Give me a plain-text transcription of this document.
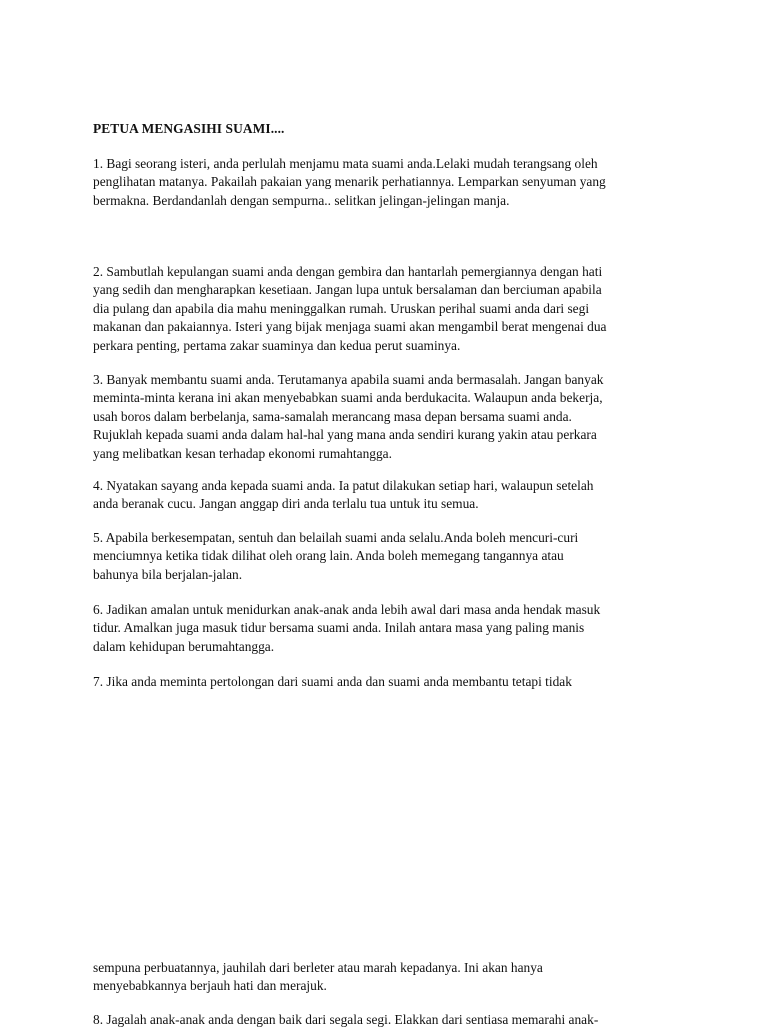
PETUA MENGASIHI SUAMI....

1. Bagi seorang isteri, anda perlulah menjamu mata suami anda.Lelaki mudah terangsang oleh
penglihatan matanya. Pakailah pakaian yang menarik perhatiannya. Lemparkan senyuman yang
bermakna. Berdandanlah dengan sempurna.. selitkan jelingan-jelingan manja.

2. Sambutlah kepulangan suami anda dengan gembira dan hantarlah pemergiannya dengan hati
yang sedih dan mengharapkan kesetiaan. Jangan lupa untuk bersalaman dan berciuman apabila
dia pulang dan apabila dia mahu meninggalkan rumah. Uruskan perihal suami anda dari segi
makanan dan pakaiannya. Isteri yang bijak menjaga suami akan mengambil berat mengenai dua
perkara penting, pertama zakar suaminya dan kedua perut suaminya.

3. Banyak membantu suami anda. Terutamanya apabila suami anda bermasalah. Jangan banyak
meminta-minta kerana ini akan menyebabkan suami anda berdukacita. Walaupun anda bekerja,
usah boros dalam berbelanja, sama-samalah merancang masa depan bersama suami anda.
Rujuklah kepada suami anda dalam hal-hal yang mana anda sendiri kurang yakin atau perkara
yang melibatkan kesan terhadap ekonomi rumahtangga.

4. Nyatakan sayang anda kepada suami anda. Ia patut dilakukan setiap hari, walaupun setelah
anda beranak cucu. Jangan anggap diri anda terlalu tua untuk itu semua.

5. Apabila berkesempatan, sentuh dan belailah suami anda selalu.Anda boleh mencuri-curi
menciumnya ketika tidak dilihat oleh orang lain. Anda boleh memegang tangannya atau
bahunya bila berjalan-jalan.

6. Jadikan amalan untuk menidurkan anak-anak anda lebih awal dari masa anda hendak masuk
tidur. Amalkan juga masuk tidur bersama suami anda. Inilah antara masa yang paling manis
dalam kehidupan berumahtangga.

7. Jika anda meminta pertolongan dari suami anda dan suami anda membantu tetapi tidak

sempuna perbuatannya, jauhilah dari berleter atau marah kepadanya. Ini akan hanya
menyebabkannya berjauh hati dan merajuk.

8. Jagalah anak-anak anda dengan baik dari segala segi. Elakkan dari sentiasa memarahi anak-
